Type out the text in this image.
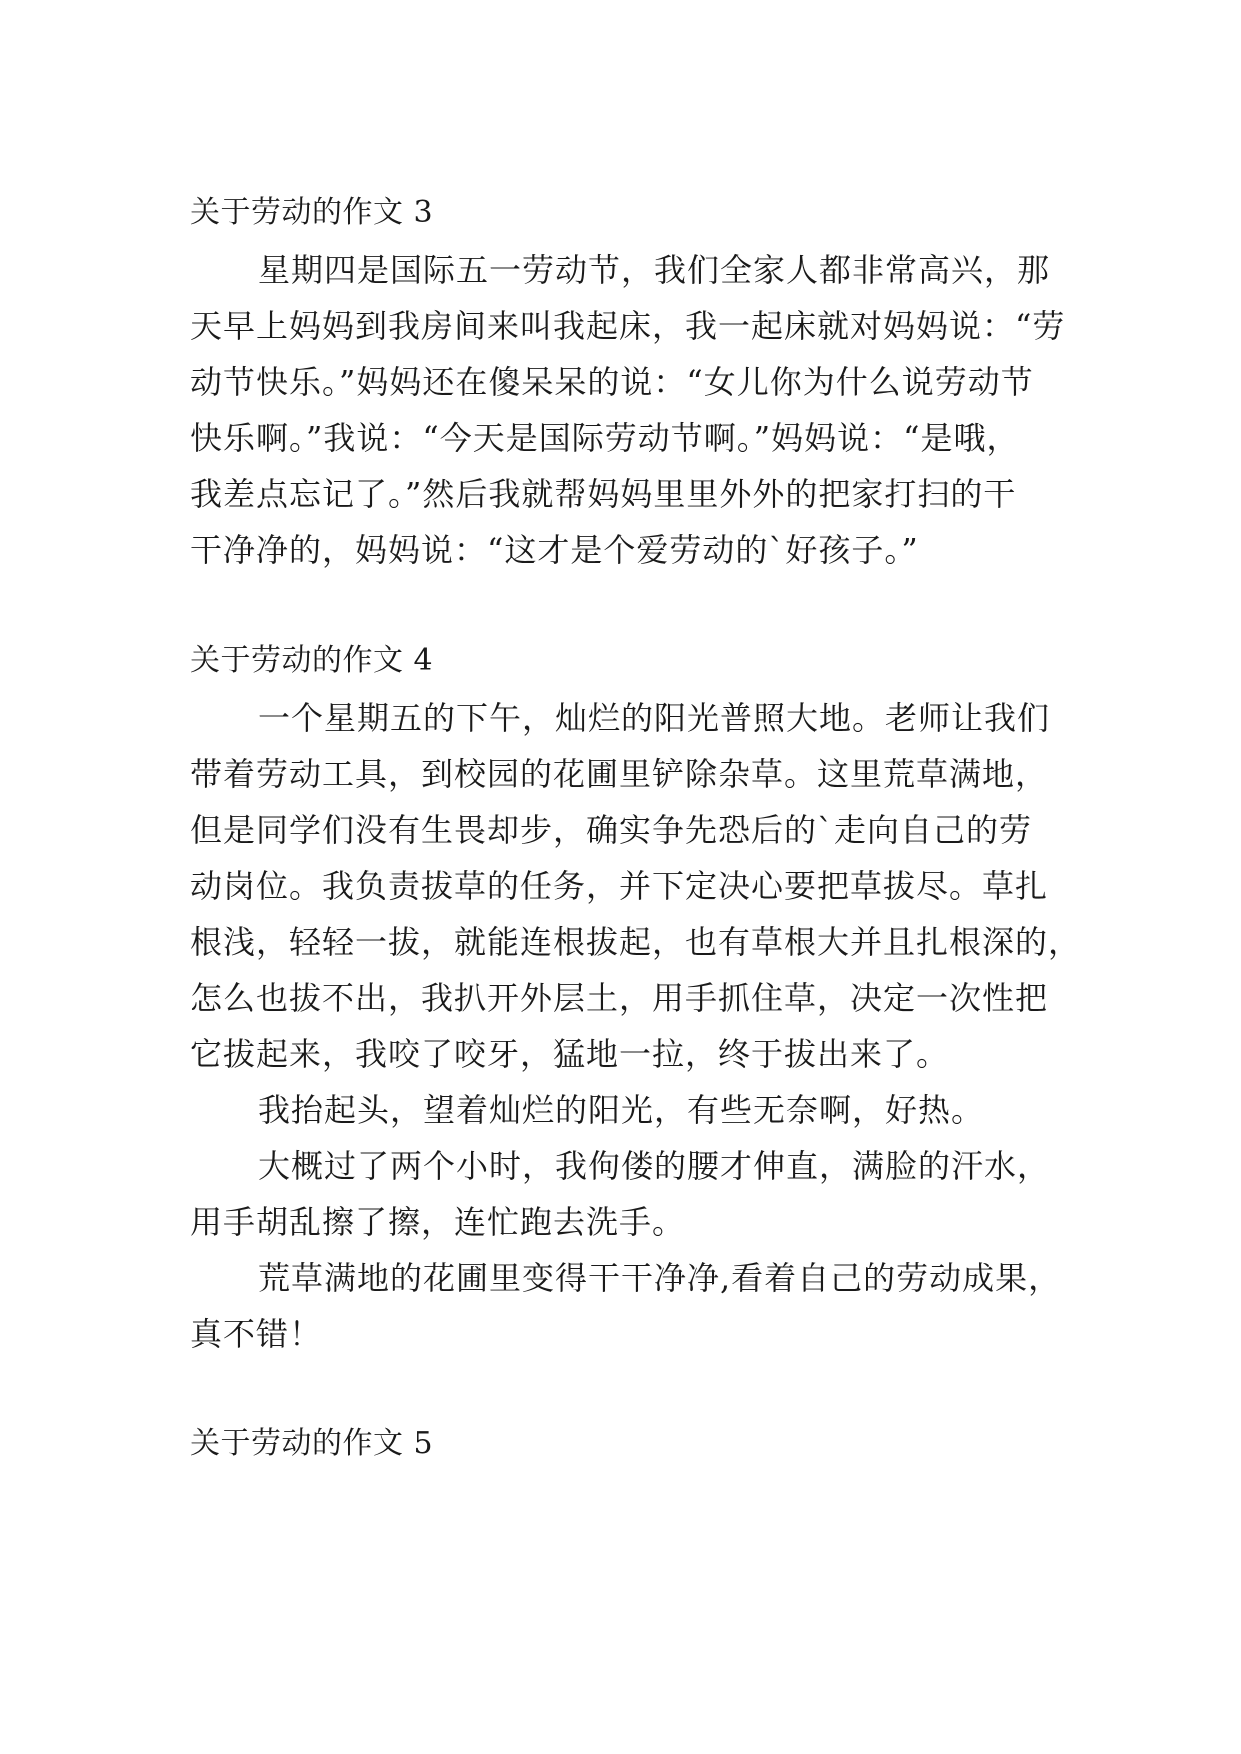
关于劳动的作文 3
星期四是国际五一劳动节，我们全家人都非常高兴，那
天早上妈妈到我房间来叫我起床，我一起床就对妈妈说：“劳
动节快乐。”妈妈还在傻呆呆的说：“女儿你为什么说劳动节
快乐啊。”我说：“今天是国际劳动节啊。”妈妈说：“是哦，
我差点忘记了。”然后我就帮妈妈里里外外的把家打扫的干
干净净的，妈妈说：“这才是个爱劳动的`好孩子。”
关于劳动的作文 4
一个星期五的下午，灿烂的阳光普照大地。老师让我们
带着劳动工具，到校园的花圃里铲除杂草。这里荒草满地，
但是同学们没有生畏却步，确实争先恐后的`走向自己的劳
动岗位。我负责拔草的任务，并下定决心要把草拔尽。草扎
根浅，轻轻一拔，就能连根拔起，也有草根大并且扎根深的，
怎么也拔不出，我扒开外层土，用手抓住草，决定一次性把
它拔起来，我咬了咬牙，猛地一拉，终于拔出来了。
我抬起头，望着灿烂的阳光，有些无奈啊，好热。
大概过了两个小时，我佝偻的腰才伸直，满脸的汗水，
用手胡乱擦了擦，连忙跑去洗手。
荒草满地的花圃里变得干干净净,看着自己的劳动成果，
真不错！
关于劳动的作文 5
